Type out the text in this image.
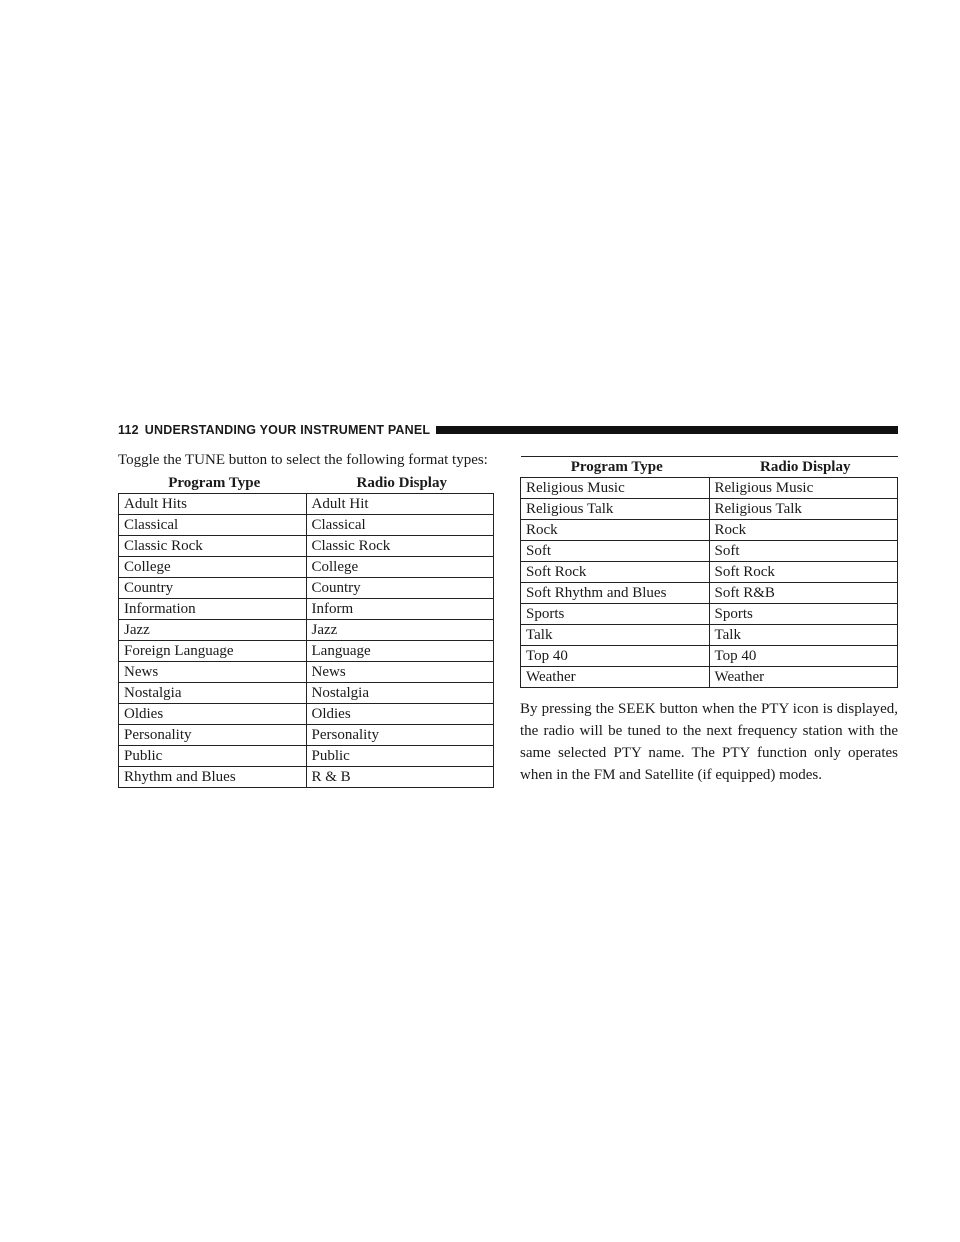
112 UNDERSTANDING YOUR INSTRUMENT PANEL

Toggle the TUNE button to select the following format types:

Program Type	Radio Display
Adult Hits	Adult Hit
Classical	Classical
Classic Rock	Classic Rock
College	College
Country	Country
Information	Inform
Jazz	Jazz
Foreign Language	Language
News	News
Nostalgia	Nostalgia
Oldies	Oldies
Personality	Personality
Public	Public
Rhythm and Blues	R & B
Program Type	Radio Display
Religious Music	Religious Music
Religious Talk	Religious Talk
Rock	Rock
Soft	Soft
Soft Rock	Soft Rock
Soft Rhythm and Blues	Soft R&B
Sports	Sports
Talk	Talk
Top 40	Top 40
Weather	Weather

By pressing the SEEK button when the PTY icon is displayed, the radio will be tuned to the next frequency station with the same selected PTY name. The PTY function only operates when in the FM and Satellite (if equipped) modes.
